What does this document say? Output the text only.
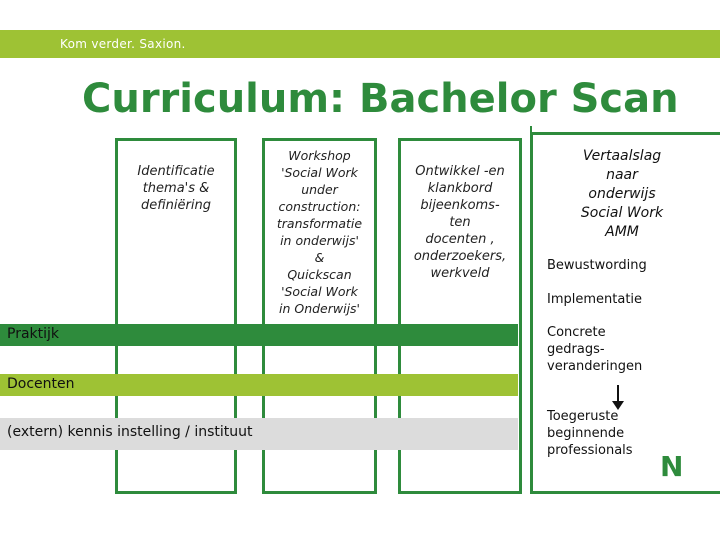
Kom verder. Saxion.
Curriculum: Bachelor Scan
Identificatie
thema's &
definiëring
Workshop
'Social Work
under
construction:
transformatie
in onderwijs'
&
Quickscan
'Social Work
in Onderwijs'
Ontwikkel -en
klankbord
bijeenkoms-
ten
docenten ,
onderzoekers,
werkveld
Praktijk
Docenten
(extern) kennis instelling / instituut
Vertaalslag
naar
onderwijs
Social Work
AMM
Bewustwording
Implementatie
Concrete
gedrags-
veranderingen
Toegeruste
beginnende
professionals N
